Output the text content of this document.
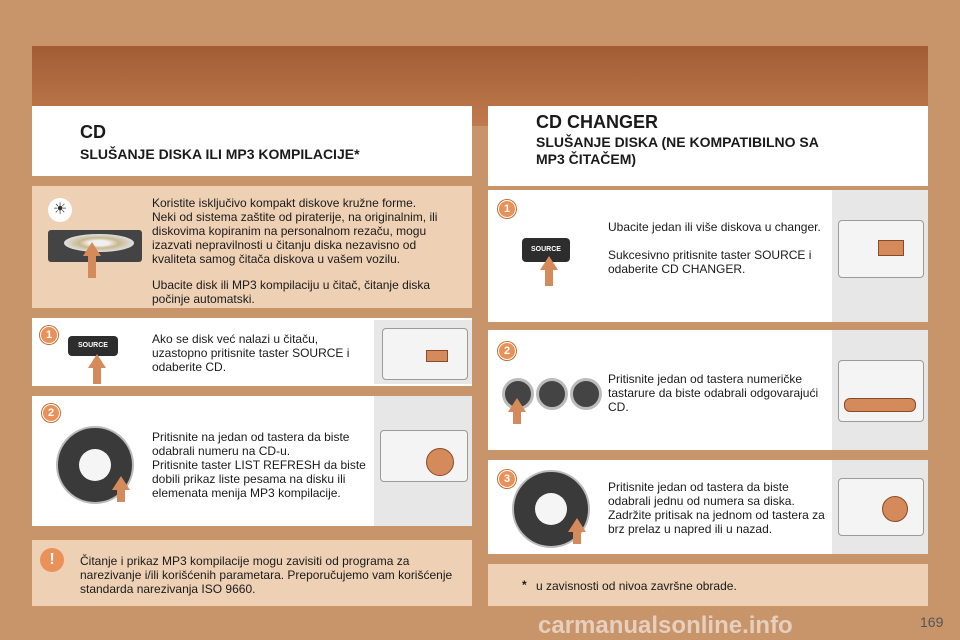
CD
SLUŠANJE DISKA ILI MP3 KOMPILACIJE*
CD CHANGER
SLUŠANJE DISKA (NE KOMPATIBILNO SA MP3 ČITAČEM)
☀	Koristite isključivo kompakt diskove kružne forme.
Neki od sistema zaštite od piraterije, na originalnim, ili diskovima kopiranim na personalnom rezaču, mogu izazvati nepravilnosti u čitanju diska nezavisno od kvaliteta samog čitača diskova u vašem vozilu.
Ubacite disk ili MP3 kompilaciju u čitač, čitanje diska počinje automatski.
1
SOURCE	Ako se disk već nalazi u čitaču, uzastopno pritisnite taster SOURCE i odaberite CD.
2
Pritisnite na jedan od tastera da biste odabrali numeru na CD-u.
Pritisnite taster LIST REFRESH da biste dobili prikaz liste pesama na disku ili elemenata menija MP3 kompilacije.
!	Čitanje i prikaz MP3 kompilacije mogu zavisiti od programa za narezivanje i/ili korišćenih parametara. Preporučujemo vam korišćenje standarda narezivanja ISO 9660.
1
SOURCE
Ubacite jedan ili više diskova u changer.

Sukcesivno pritisnite taster SOURCE i odaberite CD CHANGER.
2
Pritisnite jedan od tastera numeričke tastarure da biste odabrali odgovarajući CD.
3
Pritisnite jedan od tastera da biste odabrali jednu od numera sa diska. Zadržite pritisak na jednom od tastera za brz prelaz u napred ili u nazad.
* u zavisnosti od nivoa završne obrade.
carmanualsonline.info	169
